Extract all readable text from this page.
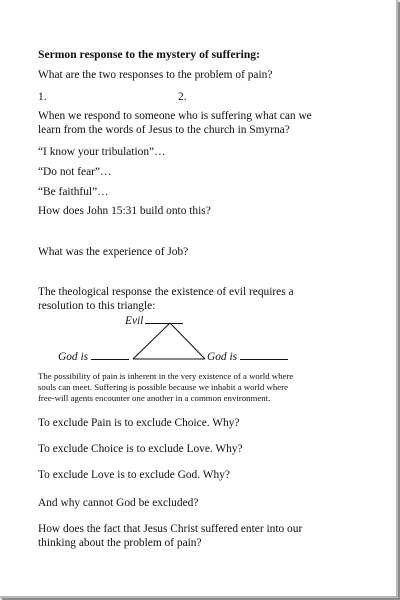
Sermon response to the mystery of suffering:
What are the two responses to the problem of pain?
1.	2.
When we respond to someone who is suffering what can we
learn from the words of Jesus to the church in Smyrna?
“I know your tribulation”…
“Do not fear”…
“Be faithful”…
How does John 15:31 build onto this?
What was the experience of Job?
The theological response the existence of evil requires a
resolution to this triangle:
Evil
God is	God is
The possibility of pain is inherent in the very existence of a world where
souls can meet. Suffering is possible because we inhabit a world where
free-will agents encounter one another in a common environment.
To exclude Pain is to exclude Choice. Why?
To exclude Choice is to exclude Love. Why?
To exclude Love is to exclude God. Why?
And why cannot God be excluded?
How does the fact that Jesus Christ suffered enter into our
thinking about the problem of pain?
